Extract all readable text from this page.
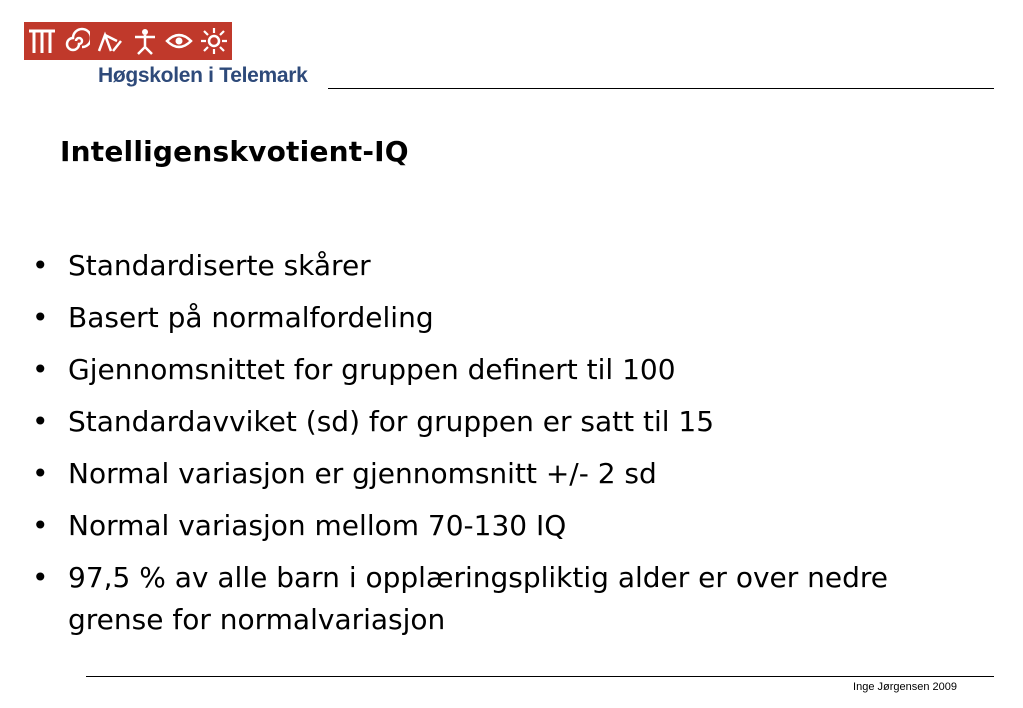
Høgskolen i Telemark
Intelligenskvotient-IQ
• Standardiserte skårer
• Basert på normalfordeling
• Gjennomsnittet for gruppen definert til 100
• Standardavviket (sd) for gruppen er satt til 15
• Normal variasjon er gjennomsnitt +/- 2 sd
• Normal variasjon mellom 70-130 IQ
• 97,5 % av alle barn i opplæringspliktig alder er over nedre grense for normalvariasjon
Inge Jørgensen 2009
